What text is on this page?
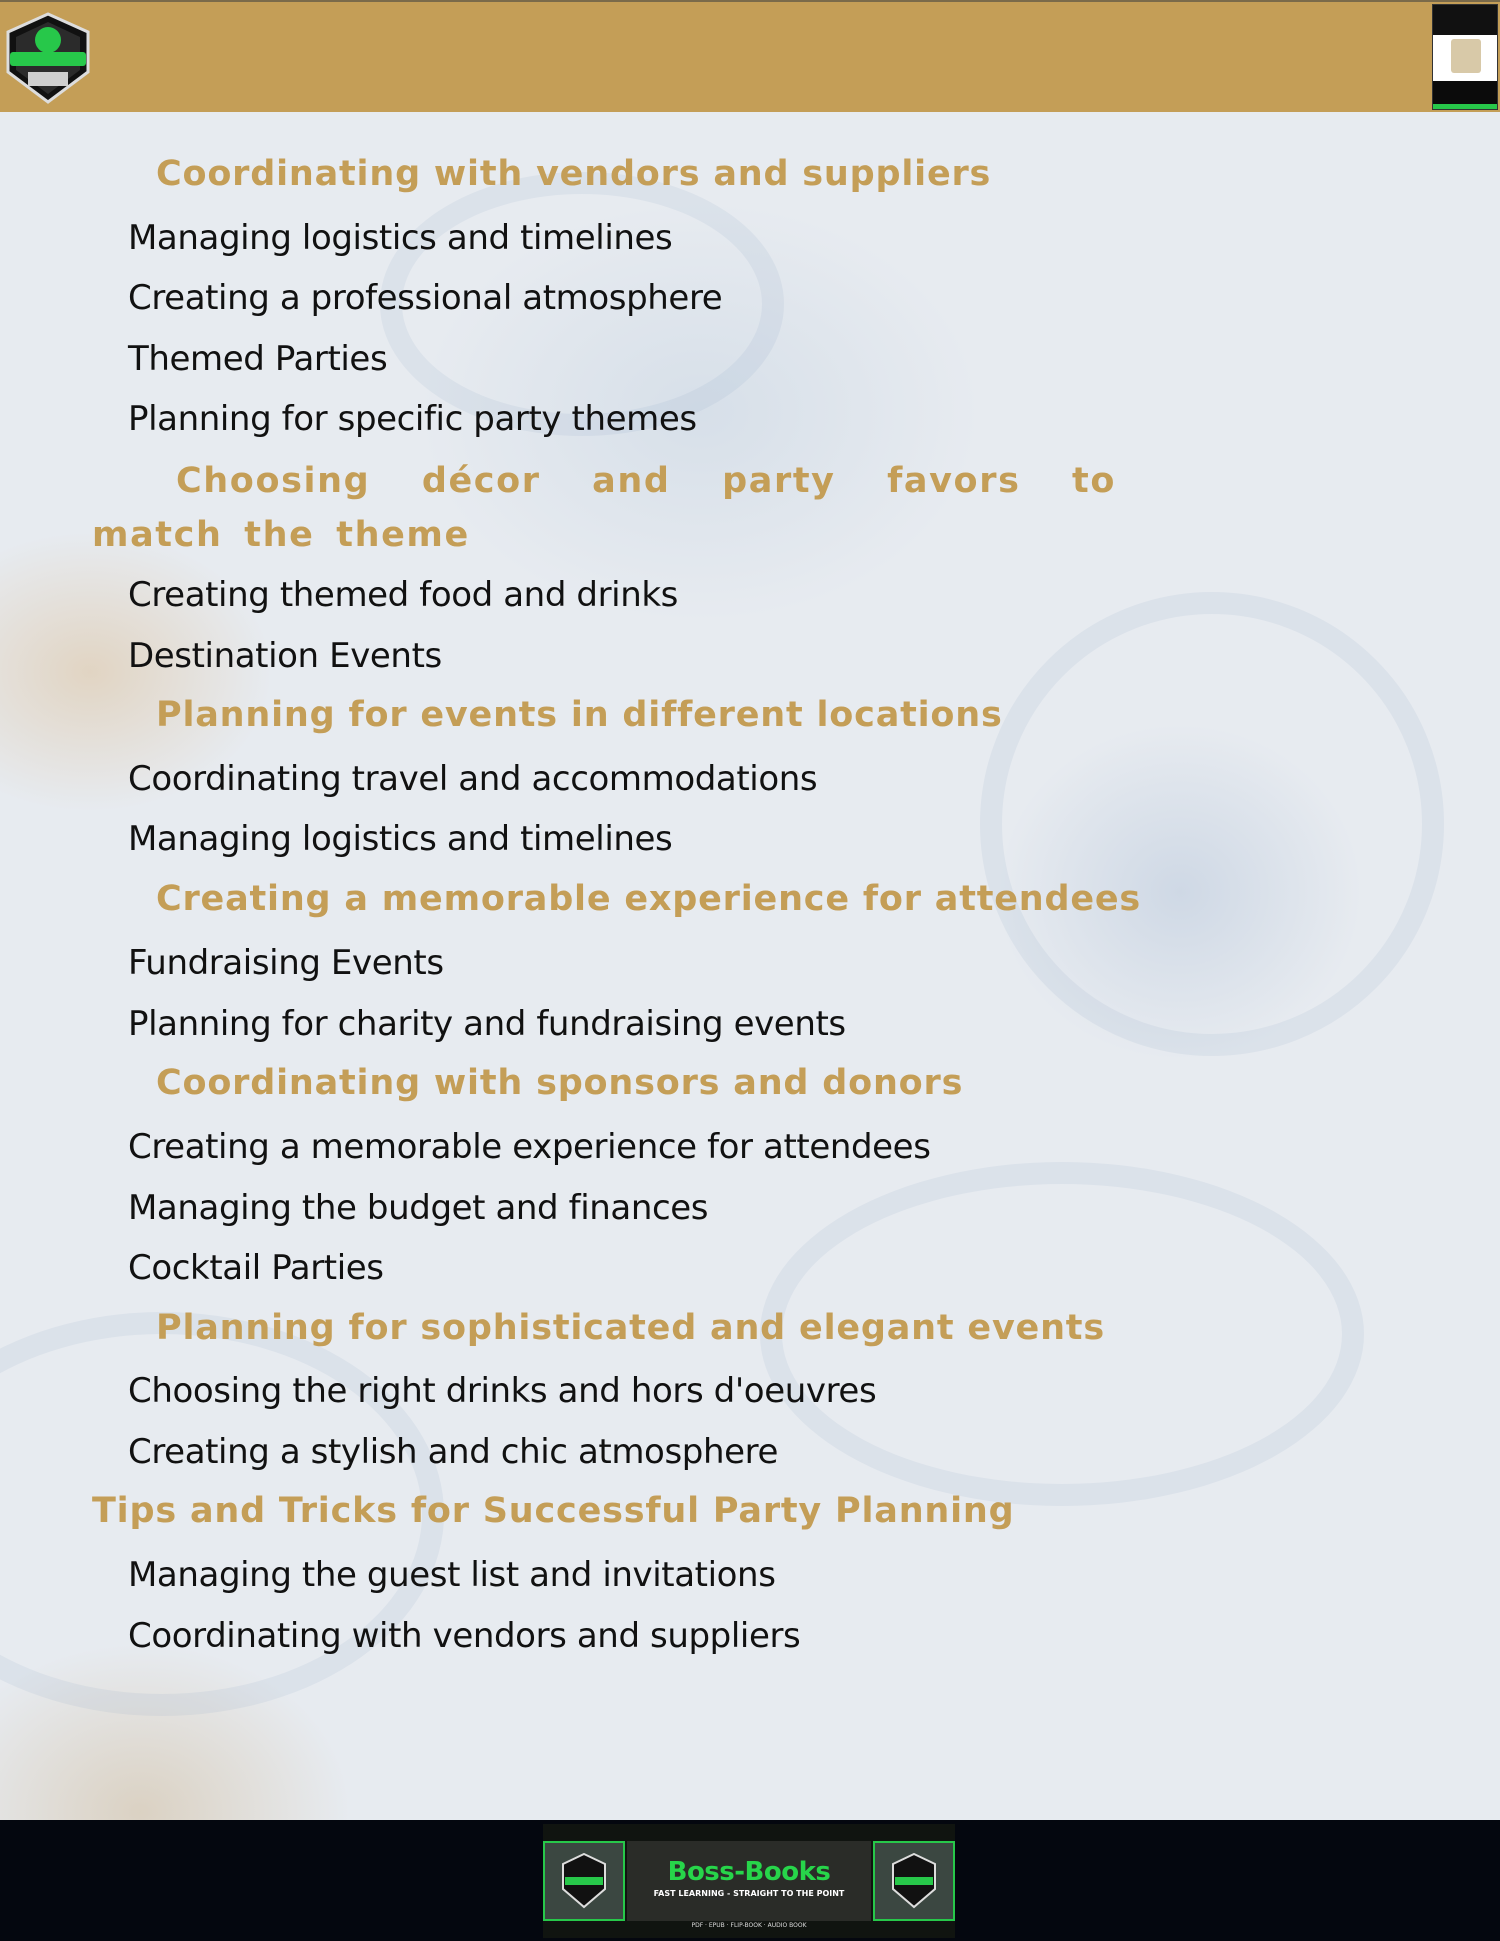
Coordinating with vendors and suppliers

Managing logistics and timelines

Creating a professional atmosphere

Themed Parties

Planning for specific party themes

Choosing décor and party favors to match the theme

Creating themed food and drinks

Destination Events

Planning for events in different locations

Coordinating travel and accommodations

Managing logistics and timelines

Creating a memorable experience for attendees

Fundraising Events

Planning for charity and fundraising events

Coordinating with sponsors and donors

Creating a memorable experience for attendees

Managing the budget and finances

Cocktail Parties

Planning for sophisticated and elegant events

Choosing the right drinks and hors d'oeuvres

Creating a stylish and chic atmosphere

Tips and Tricks for Successful Party Planning

Managing the guest list and invitations

Coordinating with vendors and suppliers

Boss-Books
FAST LEARNING - STRAIGHT TO THE POINT
PDF · EPUB · FLIP-BOOK · AUDIO BOOK
